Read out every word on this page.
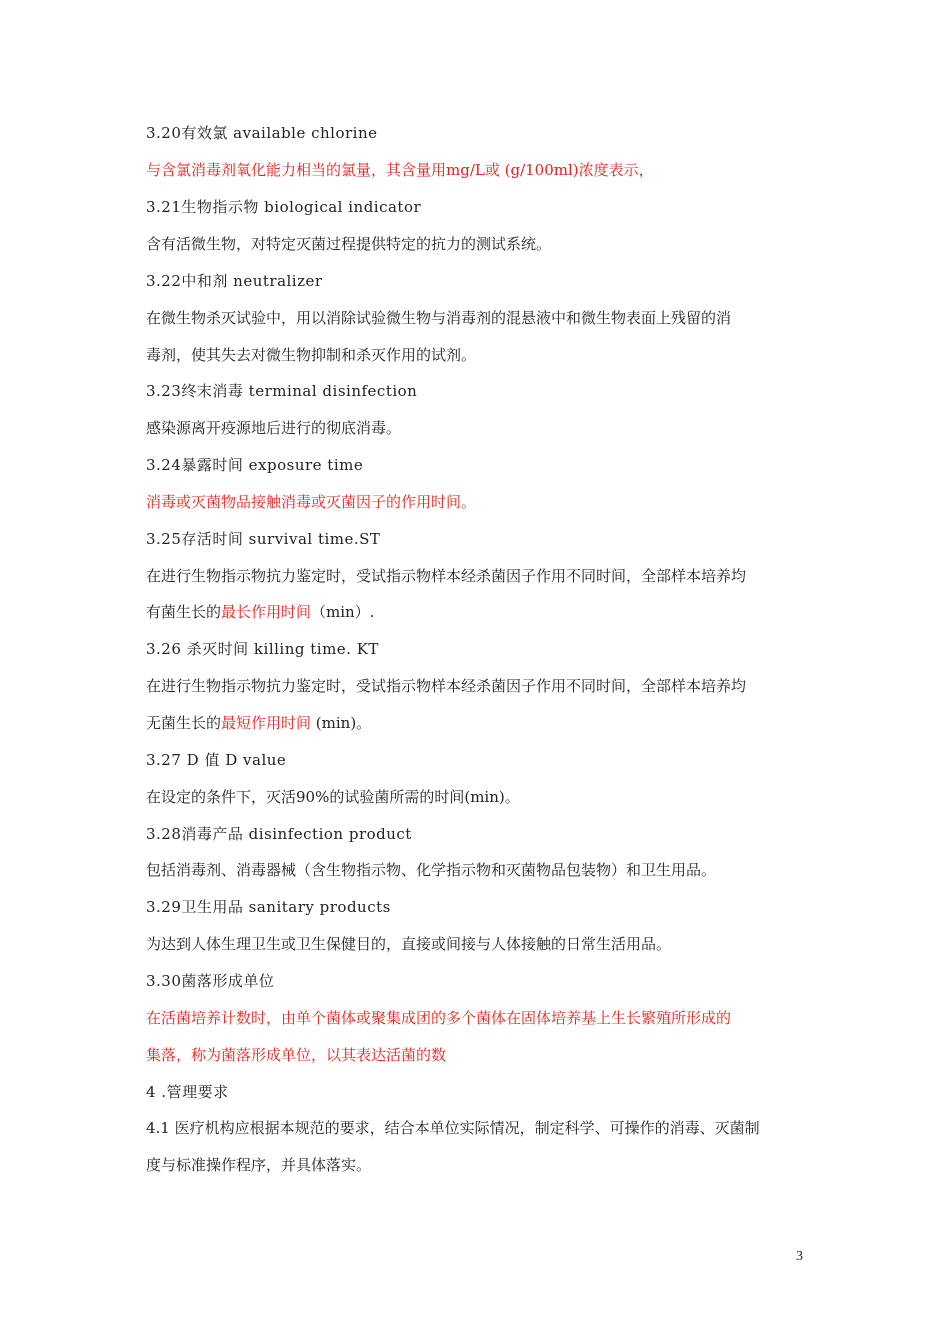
3.20有效氯 available chlorine
与含氯消毒剂氧化能力相当的氯量，其含量用mg/L或 (g/100ml)浓度表示，
3.21生物指示物 biological indicator
含有活微生物，对特定灭菌过程提供特定的抗力的测试系统。
3.22中和剂 neutralizer
在微生物杀灭试验中，用以消除试验微生物与消毒剂的混悬液中和微生物表面上残留的消
毒剂，使其失去对微生物抑制和杀灭作用的试剂。
3.23终末消毒 terminal disinfection
感染源离开疫源地后进行的彻底消毒。
3.24暴露时间 exposure time
消毒或灭菌物品接触消毒或灭菌因子的作用时间。
3.25存活时间 survival time.ST
在进行生物指示物抗力鉴定时，受试指示物样本经杀菌因子作用不同时间，全部样本培养均
有菌生长的最长作用时间（min）.
3.26 杀灭时间 killing time. KT
在进行生物指示物抗力鉴定时，受试指示物样本经杀菌因子作用不同时间，全部样本培养均
无菌生长的最短作用时间 (min)。
3.27 D 值 D value
在设定的条件下，灭活90%的试验菌所需的时间(min)。
3.28消毒产品 disinfection product
包括消毒剂、消毒器械（含生物指示物、化学指示物和灭菌物品包装物）和卫生用品。
3.29卫生用品 sanitary products
为达到人体生理卫生或卫生保健目的，直接或间接与人体接触的日常生活用品。
3.30菌落形成单位
在活菌培养计数时，由单个菌体或聚集成团的多个菌体在固体培养基上生长繁殖所形成的
集落，称为菌落形成单位，以其表达活菌的数
4 .管理要求
4.1 医疗机构应根据本规范的要求，结合本单位实际情况，制定科学、可操作的消毒、灭菌制
度与标准操作程序，并具体落实。
3
